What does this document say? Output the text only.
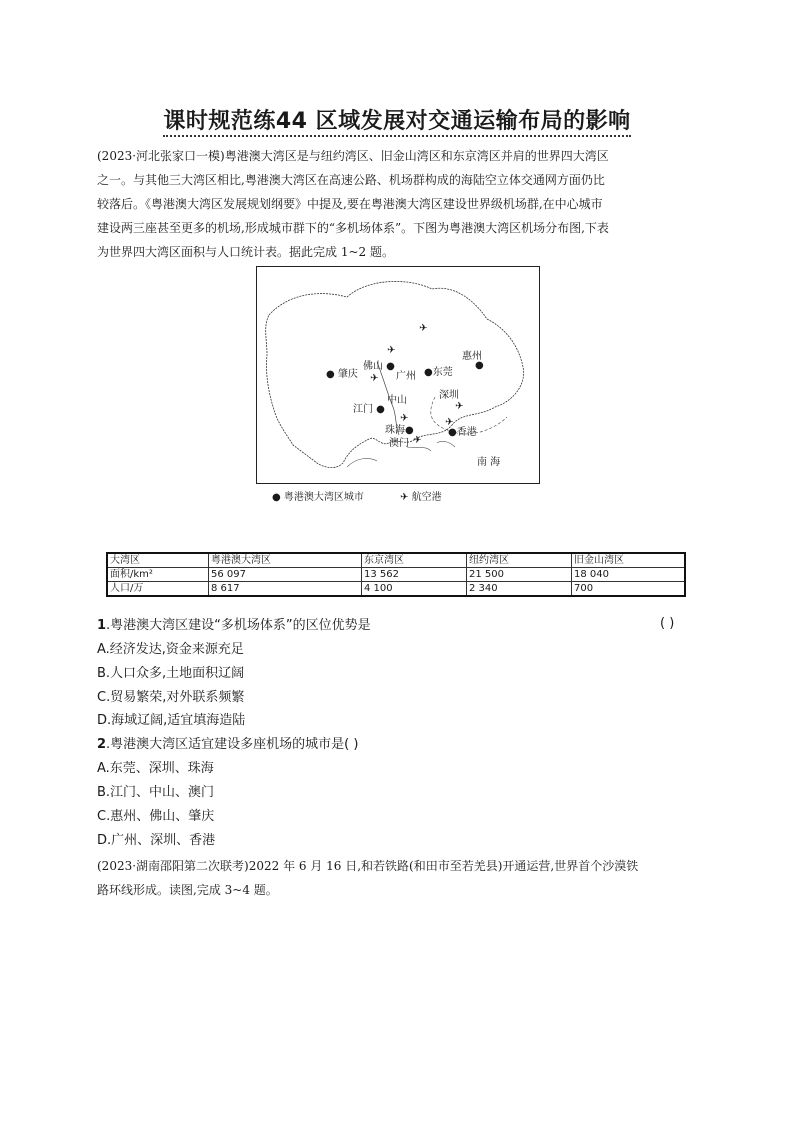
课时规范练44 区域发展对交通运输布局的影响
(2023·河北张家口一模)粤港澳大湾区是与纽约湾区、旧金山湾区和东京湾区并肩的世界四大湾区
之一。与其他三大湾区相比,粤港澳大湾区在高速公路、机场群构成的海陆空立体交通网方面仍比
较落后。《粤港澳大湾区发展规划纲要》中提及,要在粤港澳大湾区建设世界级机场群,在中心城市
建设两三座甚至更多的机场,形成城市群下的“多机场体系”。下图为粤港澳大湾区机场分布图,下表
为世界四大湾区面积与人口统计表。据此完成 1~2 题。
✈
✈
✈
✈	✈
✈
✈
● 肇庆
佛山 ●
广州 ●东莞
惠州
●
江门 ●
中山	深圳
珠海●	●香港
澳门
南 海
● 粤港澳大湾区城市	✈ 航空港
大湾区	粤港澳大湾区	东京湾区	纽约湾区	旧金山湾区
面积/km²	56 097	13 562	21 500	18 040
人口/万	8 617	4 100	2 340	700
1.粤港澳大湾区建设“多机场体系”的区位优势是	( )
A.经济发达,资金来源充足
B.人口众多,土地面积辽阔
C.贸易繁荣,对外联系频繁
D.海域辽阔,适宜填海造陆
2.粤港澳大湾区适宜建设多座机场的城市是( )
A.东莞、深圳、珠海
B.江门、中山、澳门
C.惠州、佛山、肇庆
D.广州、深圳、香港
(2023·湖南邵阳第二次联考)2022 年 6 月 16 日,和若铁路(和田市至若羌县)开通运营,世界首个沙漠铁
路环线形成。读图,完成 3~4 题。
